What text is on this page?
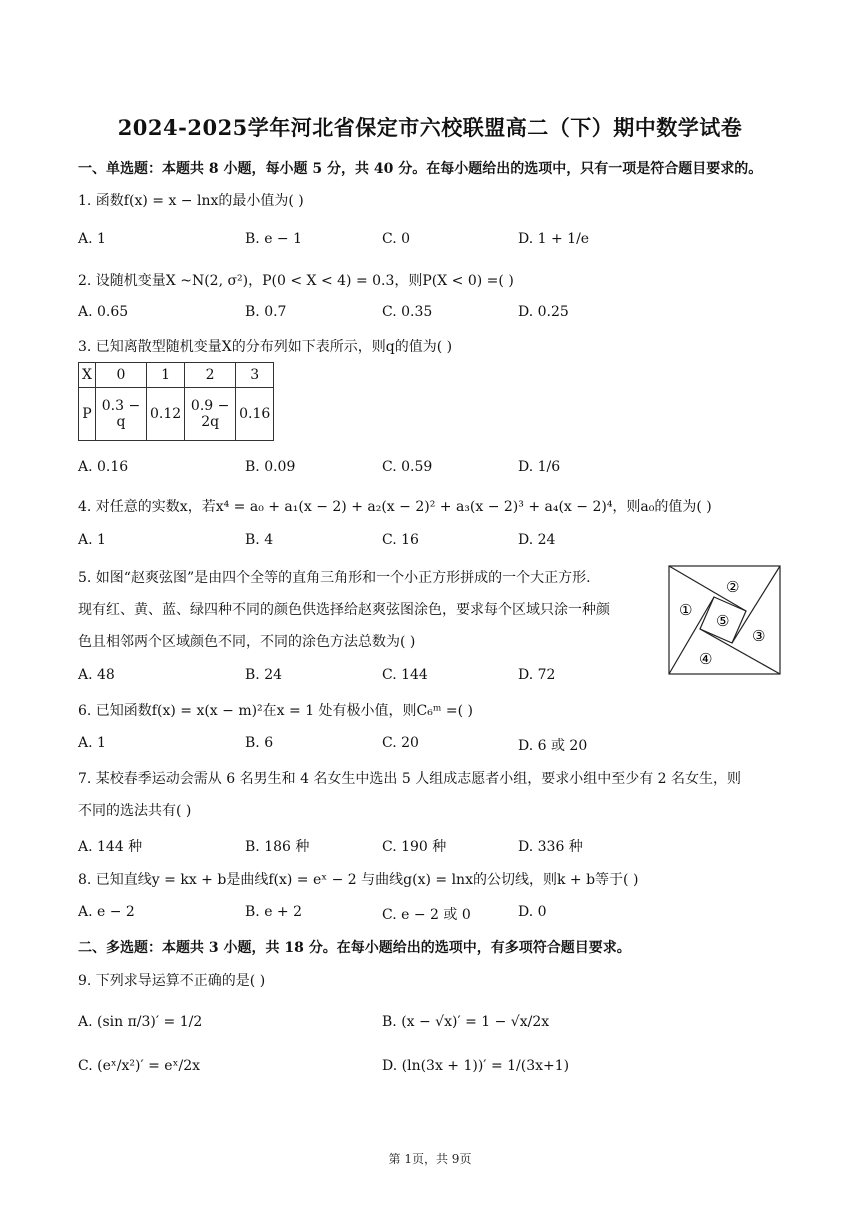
2024-2025学年河北省保定市六校联盟高二（下）期中数学试卷
一、单选题：本题共 8 小题，每小题 5 分，共 40 分。在每小题给出的选项中，只有一项是符合题目要求的。
1. 函数f(x) = x − lnx的最小值为( )
A. 1	B. e − 1	C. 0	D. 1 + 1/e
2. 设随机变量X ~N(2, σ²)，P(0 < X < 4) = 0.3，则P(X < 0) =( )
A. 0.65	B. 0.7	C. 0.35	D. 0.25
3. 已知离散型随机变量X的分布列如下表所示，则q的值为( )
X	0	1	2	3
P	0.3 − q	0.12	0.9 − 2q	0.16
A. 0.16	B. 0.09	C. 0.59	D. 1/6
4. 对任意的实数x，若x⁴ = a₀ + a₁(x − 2) + a₂(x − 2)² + a₃(x − 2)³ + a₄(x − 2)⁴，则a₀的值为( )
A. 1	B. 4	C. 16	D. 24
5. 如图“赵爽弦图”是由四个全等的直角三角形和一个小正方形拼成的一个大正方形.
现有红、黄、蓝、绿四种不同的颜色供选择给赵爽弦图涂色，要求每个区域只涂一种颜
色且相邻两个区域颜色不同，不同的涂色方法总数为( )
A. 48	B. 24	C. 144	D. 72
①
②
③
④
⑤
6. 已知函数f(x) = x(x − m)²在x = 1 处有极小值，则C₆ᵐ =( )
A. 1	B. 6	C. 20	D. 6 或 20
7. 某校春季运动会需从 6 名男生和 4 名女生中选出 5 人组成志愿者小组，要求小组中至少有 2 名女生，则
不同的选法共有( )
A. 144 种	B. 186 种	C. 190 种	D. 336 种
8. 已知直线y = kx + b是曲线f(x) = eˣ − 2 与曲线g(x) = lnx的公切线，则k + b等于( )
A. e − 2	B. e + 2	C. e − 2 或 0	D. 0
二、多选题：本题共 3 小题，共 18 分。在每小题给出的选项中，有多项符合题目要求。
9. 下列求导运算不正确的是( )
A. (sin π/3)′ = 1/2	B. (x − √x)′ = 1 − √x/2x
C. (eˣ/x²)′ = eˣ/2x	D. (ln(3x + 1))′ = 1/(3x+1)
第 1页，共 9页
